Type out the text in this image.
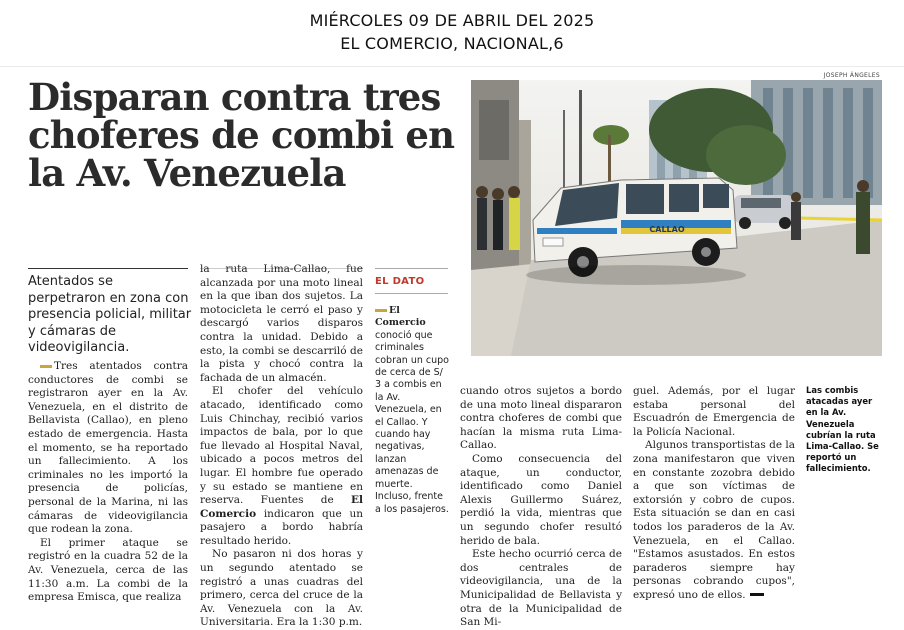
MIÉRCOLES 09 DE ABRIL DEL 2025
EL COMERCIO, NACIONAL,6
Disparan contra tres choferes de combi en la Av. Venezuela
JOSEPH ÁNGELES
CALLAO

Atentados se perpetraron en zona con presencia policial, militar y cámaras de videovigilancia.

Tres atentados contra conductores de combi se registraron ayer en la Av. Venezuela, en el distrito de Bellavista (Callao), en pleno estado de emergencia. Hasta el momento, se ha reportado un fallecimiento. A los criminales no les importó la presencia de policías, personal de la Marina, ni las cámaras de videovigilancia que rodean la zona.

El primer ataque se registró en la cuadra 52 de la Av. Venezuela, cerca de las 11:30 a.m. La combi de la empresa Emisca, que realiza

la ruta Lima-Callao, fue alcanzada por una moto lineal en la que iban dos sujetos. La motocicleta le cerró el paso y descargó varios disparos contra la unidad. Debido a esto, la combi se descarriló de la pista y chocó contra la fachada de un almacén.

El chofer del vehículo atacado, identificado como Luis Chinchay, recibió varios impactos de bala, por lo que fue llevado al Hospital Naval, ubicado a pocos metros del lugar. El hombre fue operado y su estado se mantiene en reserva. Fuentes de El Comercio indicaron que un pasajero a bordo habría resultado herido.

No pasaron ni dos horas y un segundo atentado se registró a unas cuadras del primero, cerca del cruce de la Av. Venezuela con la Av. Universitaria. Era la 1:30 p.m.

EL DATO
El Comercio conoció que criminales cobran un cupo de cerca de S/ 3 a combis en la Av. Venezuela, en el Callao. Y cuando hay negativas, lanzan amenazas de muerte. Incluso, frente a los pasajeros.

cuando otros sujetos a bordo de una moto lineal dispararon contra choferes de combi que hacían la misma ruta Lima-Callao.

Como consecuencia del ataque, un conductor, identificado como Daniel Alexis Guillermo Suárez, perdió la vida, mientras que un segundo chofer resultó herido de bala.

Este hecho ocurrió cerca de dos centrales de videovigilancia, una de la Municipalidad de Bellavista y otra de la Municipalidad de San Mi-

guel. Además, por el lugar estaba personal del Escuadrón de Emergencia de la Policía Nacional.

Algunos transportistas de la zona manifestaron que viven en constante zozobra debido a que son víctimas de extorsión y cobro de cupos. Esta situación se dan en casi todos los paraderos de la Av. Venezuela, en el Callao. "Estamos asustados. En estos paraderos siempre hay personas cobrando cupos", expresó uno de ellos.

Las combis atacadas ayer en la Av. Venezuela cubrían la ruta Lima-Callao. Se reportó un fallecimiento.
